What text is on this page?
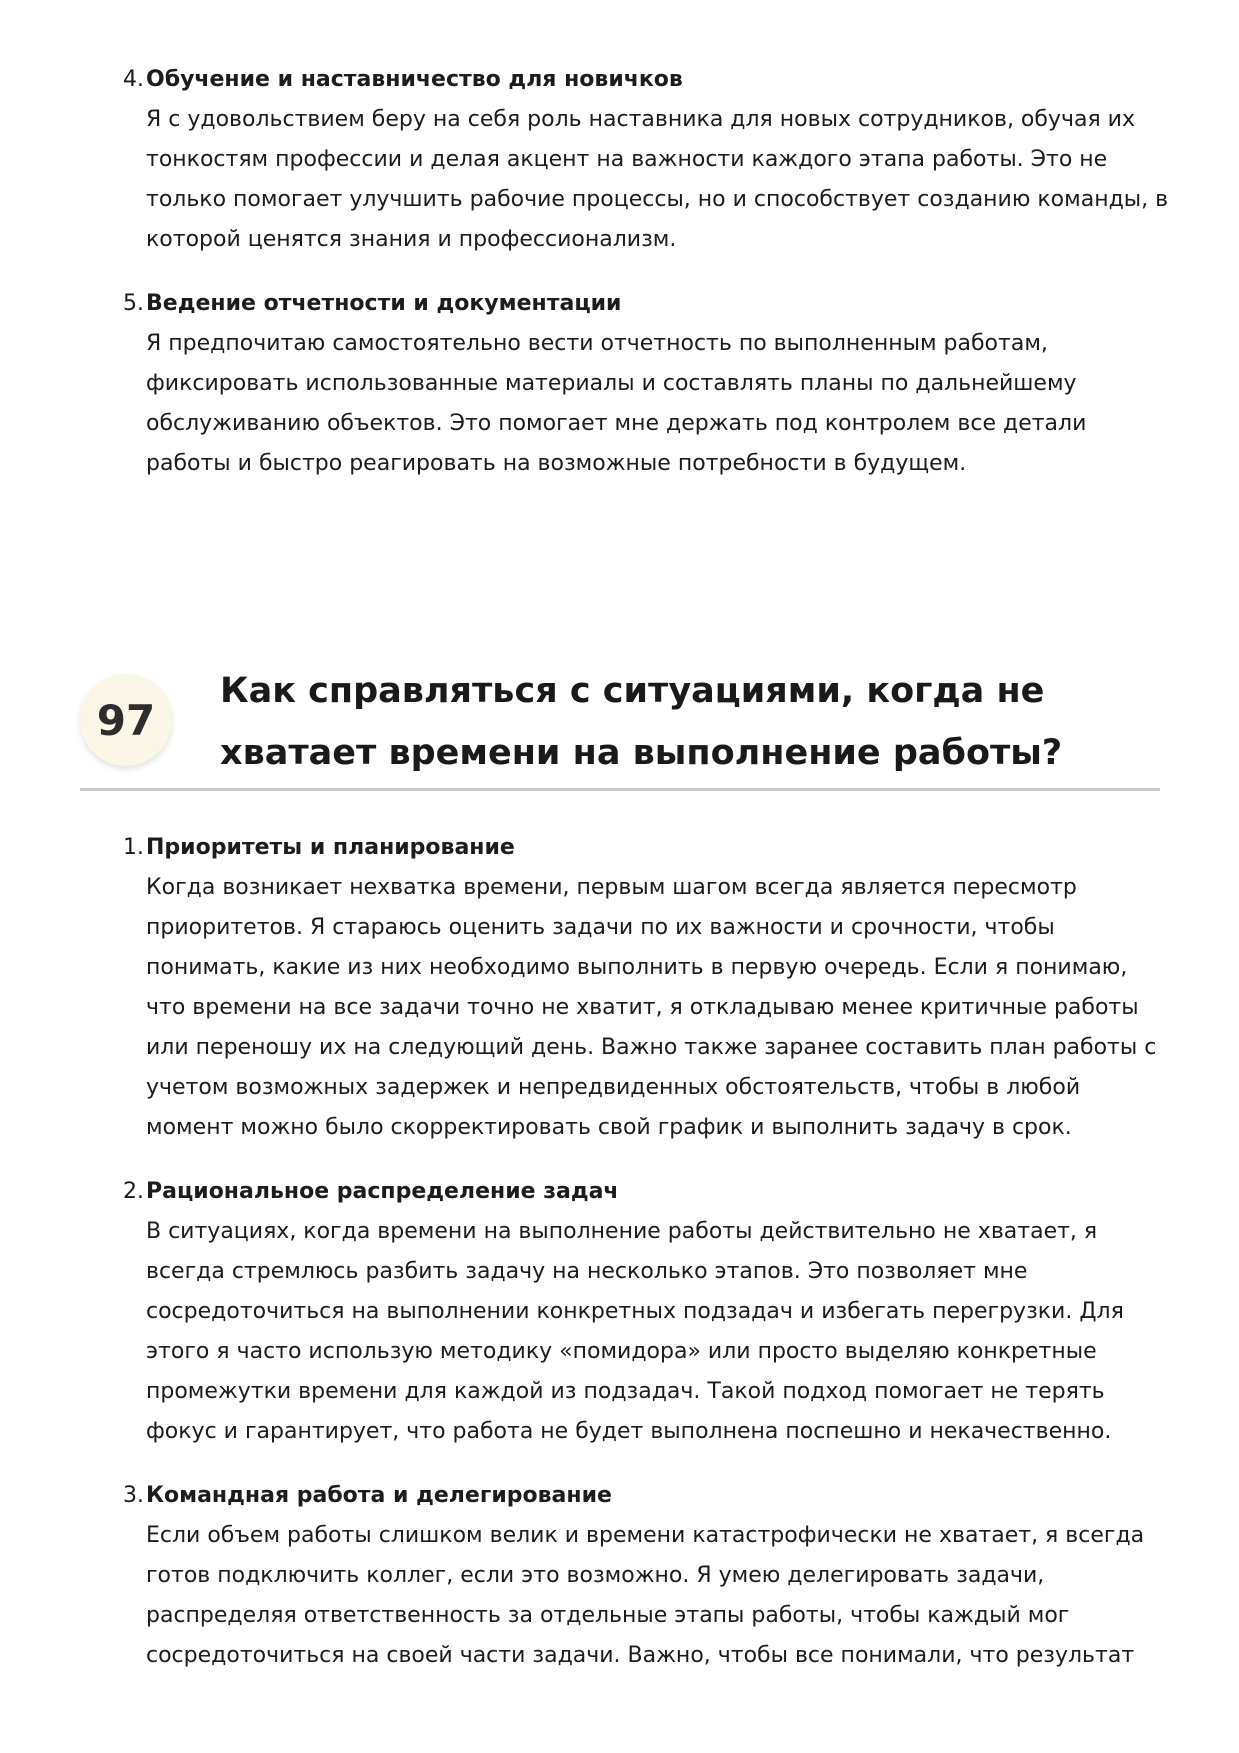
4. Обучение и наставничество для новичков

Я с удовольствием беру на себя роль наставника для новых сотрудников, обучая их тонкостям профессии и делая акцент на важности каждого этапа работы. Это не только помогает улучшить рабочие процессы, но и способствует созданию команды, в которой ценятся знания и профессионализм.

5. Ведение отчетности и документации

Я предпочитаю самостоятельно вести отчетность по выполненным работам, фиксировать использованные материалы и составлять планы по дальнейшему обслуживанию объектов. Это помогает мне держать под контролем все детали работы и быстро реагировать на возможные потребности в будущем.

97
Как справляться с ситуациями, когда не хватает времени на выполнение работы?
1. Приоритеты и планирование

Когда возникает нехватка времени, первым шагом всегда является пересмотр приоритетов. Я стараюсь оценить задачи по их важности и срочности, чтобы понимать, какие из них необходимо выполнить в первую очередь. Если я понимаю, что времени на все задачи точно не хватит, я откладываю менее критичные работы или переношу их на следующий день. Важно также заранее составить план работы с учетом возможных задержек и непредвиденных обстоятельств, чтобы в любой момент можно было скорректировать свой график и выполнить задачу в срок.

2. Рациональное распределение задач

В ситуациях, когда времени на выполнение работы действительно не хватает, я всегда стремлюсь разбить задачу на несколько этапов. Это позволяет мне сосредоточиться на выполнении конкретных подзадач и избегать перегрузки. Для этого я часто использую методику «помидора» или просто выделяю конкретные промежутки времени для каждой из подзадач. Такой подход помогает не терять фокус и гарантирует, что работа не будет выполнена поспешно и некачественно.

3. Командная работа и делегирование

Если объем работы слишком велик и времени катастрофически не хватает, я всегда готов подключить коллег, если это возможно. Я умею делегировать задачи, распределяя ответственность за отдельные этапы работы, чтобы каждый мог сосредоточиться на своей части задачи. Важно, чтобы все понимали, что результат
